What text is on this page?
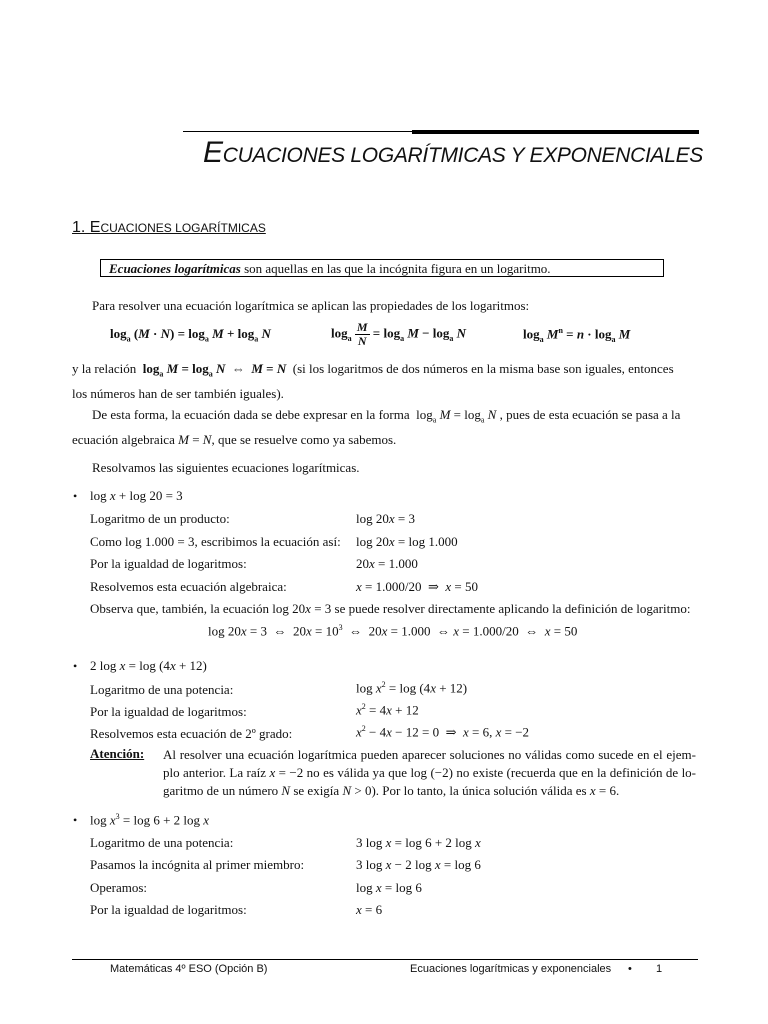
ECUACIONES LOGARÍTMICAS Y EXPONENCIALES
1. ECUACIONES LOGARÍTMICAS
Ecuaciones logarítmicas son aquellas en las que la incógnita figura en un logaritmo.
Para resolver una ecuación logarítmica se aplican las propiedades de los logaritmos:
$\log_a (M \cdot N) = \log_a M + \log_a N$	$\log_a \frac{M}{N} = \log_a M - \log_a N$	$\log_a M^n = n \cdot \log_a M$
y la relación  $\log_a M = \log_a N$  ⇔  M = N (si los logaritmos de dos números en la misma base son iguales, entonces
los números han de ser también iguales).
De esta forma, la ecuación dada se debe expresar en la forma  $\log_a M = \log_a N$ , pues de esta ecuación se pasa a la
ecuación algebraica M = N, que se resuelve como ya sabemos.
Resolvamos las siguientes ecuaciones logarítmicas.
• log x + log 20 = 3
Logaritmo de un producto:	log 20x = 3
Como log 1.000 = 3, escribimos la ecuación así: log 20x = log 1.000
Por la igualdad de logaritmos:	20x = 1.000
Resolvemos esta ecuación algebraica:	x = 1.000/20  ⇒  x = 50
Observa que, también, la ecuación log 20x = 3 se puede resolver directamente aplicando la definición de logaritmo:
log 20x = 3  ⇔  $20x = 10^3$  ⇔  20x = 1.000  ⇔ x = 1.000/20  ⇔  x = 50
• 2 log x = log (4x + 12)
Logaritmo de una potencia:	$\log x^2 = \log (4x + 12)$
Por la igualdad de logaritmos:	$x^2 = 4x + 12$
Resolvemos esta ecuación de 2º grado:	$x^2 - 4x - 12 = 0$  ⇒  x = 6, x = −2
Atención: Al resolver una ecuación logarítmica pueden aparecer soluciones no válidas como sucede en el ejem-plo anterior. La raíz x = −2 no es válida ya que log (−2) no existe (recuerda que en la definición de lo-garitmo de un número N se exigía N > 0). Por lo tanto, la única solución válida es x = 6.
• $\log x^3 = \log 6 + 2$ log x
Logaritmo de una potencia:	3 log x = log 6 + 2 log x
Pasamos la incógnita al primer miembro:	3 log x − 2 log x = log 6
Operamos:	log x = log 6
Por la igualdad de logaritmos:	x = 6
Matemáticas 4º ESO (Opción B)	Ecuaciones logarítmicas y exponenciales • 1
